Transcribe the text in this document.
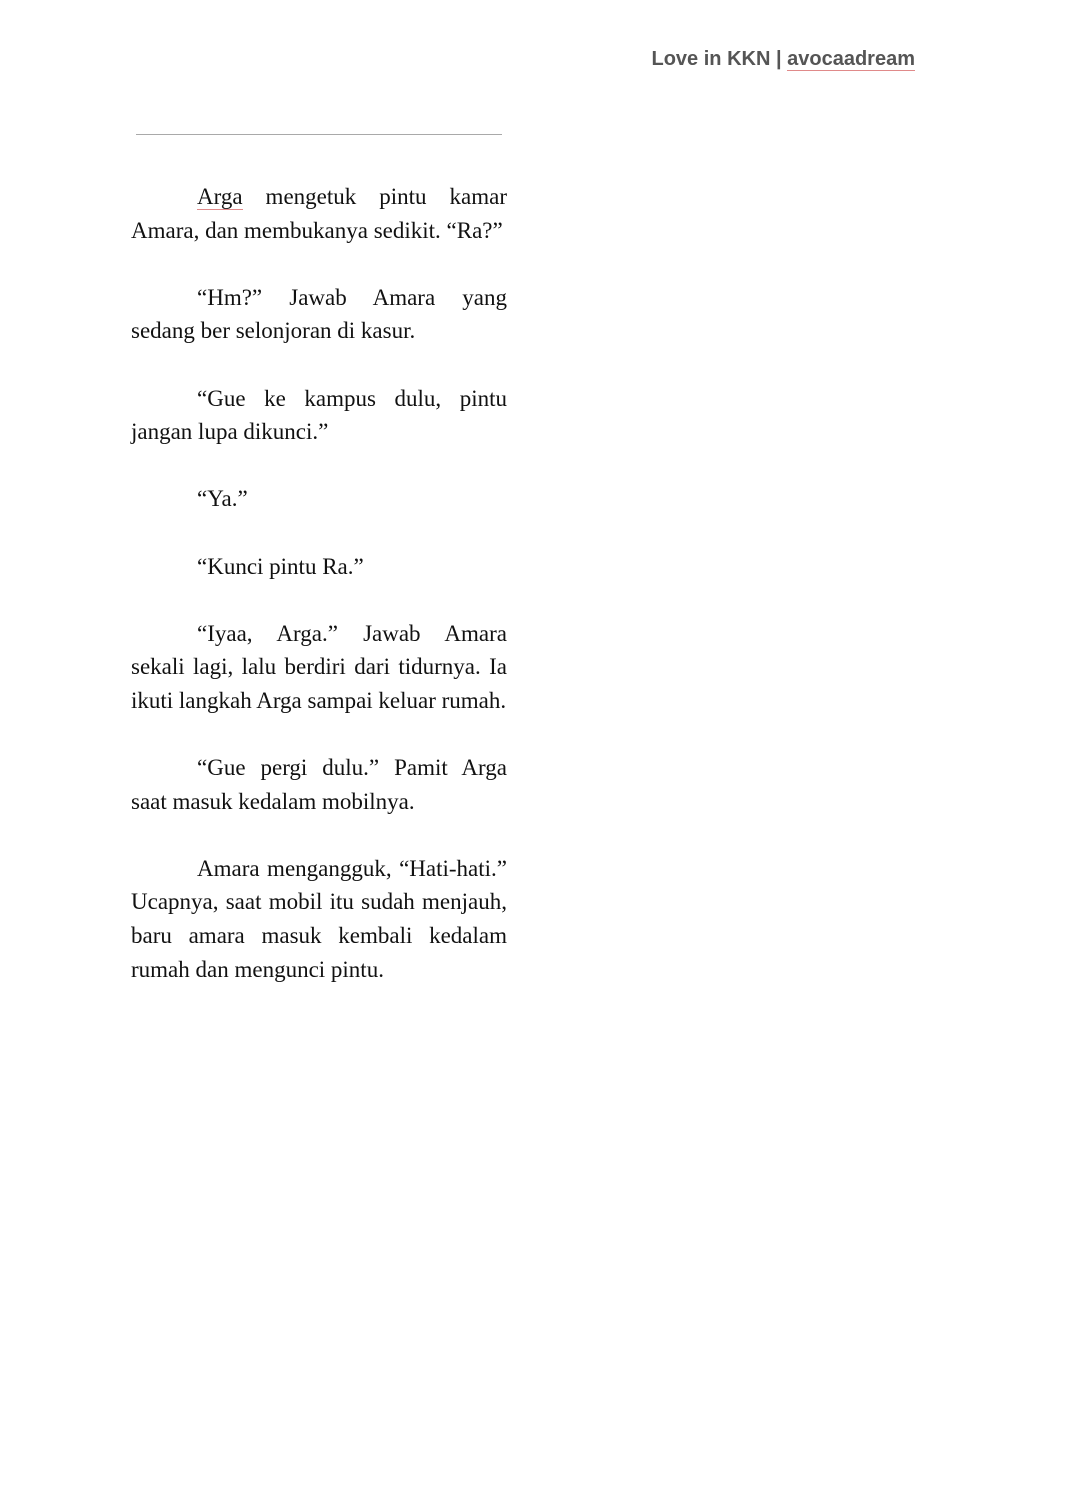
Love in KKN | avocaadream

Arga mengetuk pintu kamar Amara, dan membukanya sedikit. “Ra?”

“Hm?” Jawab Amara yang sedang ber selonjoran di kasur.

“Gue ke kampus dulu, pintu jangan lupa dikunci.”

“Ya.”

“Kunci pintu Ra.”

“Iyaa, Arga.” Jawab Amara sekali lagi, lalu berdiri dari tidurnya. Ia ikuti langkah Arga sampai keluar rumah.

“Gue pergi dulu.” Pamit Arga saat masuk kedalam mobilnya.

Amara mengangguk, “Hati-hati.” Ucapnya, saat mobil itu sudah menjauh, baru amara masuk kembali kedalam rumah dan mengunci pintu.
